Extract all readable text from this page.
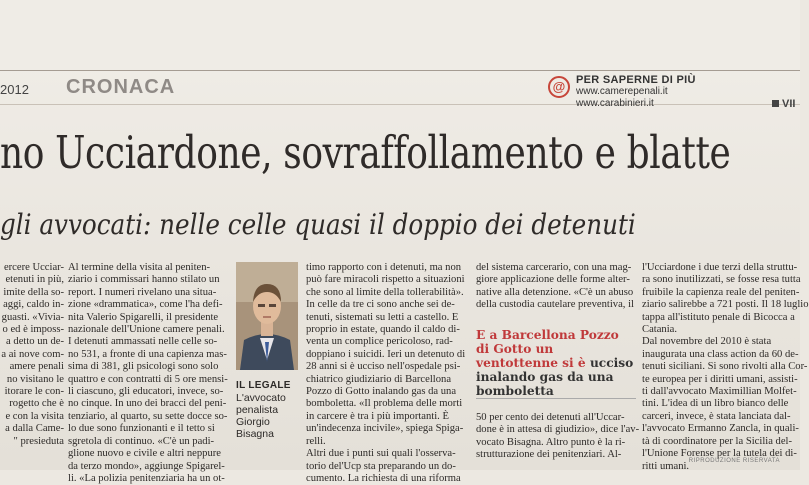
2012 CRONACA	@ PER SAPERNE DI PIÙ
www.camerepenali.it
www.carabinieri.it	VII
no Ucciardone, sovraffollamento e blatte
gli avvocati: nelle celle quasi il doppio dei detenuti
ercere Ucciar-
etenuti in più,
imite della so-
aggi, caldo in-
guasti. «Vivia-
o ed è imposs-
a detto un de-
a ai nove com-
amere penali
no visitano le
itorare le con-
rogetto che è
e con la visita
a dalla Came-
" presieduta
Al termine della visita al peniten-
ziario i commissari hanno stilato un
report. I numeri rivelano una situa-
zione «drammatica», come l'ha defi-
nita Valerio Spigarelli, il presidente
nazionale dell'Unione camere penali.
I detenuti ammassati nelle celle so-
no 531, a fronte di una capienza mas-
sima di 381, gli psicologi sono solo
quattro e con contratti di 5 ore mensi-
li ciascuno, gli educatori, invece, so-
no cinque. In uno dei bracci del peni-
tenziario, al quarto, su sette docce so-
lo due sono funzionanti e il tetto si
sgretola di continuo. «C'è un padi-
glione nuovo e civile e altri neppure
da terzo mondo», aggiunge Spigarel-
li. «La polizia penitenziaria ha un ot-
IL LEGALE
L'avvocato
penalista
Giorgio
Bisagna
timo rapporto con i detenuti, ma non
può fare miracoli rispetto a situazioni
che sono al limite della tollerabilità».
In celle da tre ci sono anche sei de-
tenuti, sistemati su letti a castello. E
proprio in estate, quando il caldo di-
venta un complice pericoloso, rad-
doppiano i suicidi. Ieri un detenuto di
28 anni si è ucciso nell'ospedale psi-
chiatrico giudiziario di Barcellona
Pozzo di Gotto inalando gas da una
bomboletta. «Il problema delle morti
in carcere è tra i più importanti. È
un'indecenza incivile», spiega Spiga-
relli.
Altri due i punti sui quali l'osserva-
torio del'Ucp sta preparando un do-
cumento. La richiesta di una riforma
del sistema carcerario, con una mag-
giore applicazione delle forme alter-
native alla detenzione. «C'è un abuso
della custodia cautelare preventiva, il
E a Barcellona Pozzo di Gotto un ventottenne si è ucciso inalando gas da una bomboletta
50 per cento dei detenuti all'Uccar-
done è in attesa di giudizio», dice l'av-
vocato Bisagna. Altro punto è la ri-
strutturazione dei penitenziari. Al-
l'Ucciardone i due terzi della struttu-
ra sono inutilizzati, se fosse resa tutta
fruibile la capienza reale del peniten-
ziario salirebbe a 721 posti. Il 18 luglio
tappa all'istituto penale di Bicocca a
Catania.
Dal novembre del 2010 è stata
inaugurata una class action da 60 de-
tenuti siciliani. Si sono rivolti alla Cor-
te europea per i diritti umani, assisti-
ti dall'avvocato Maximillian Molfet-
tini. L'idea di un libro bianco delle
carceri, invece, è stata lanciata dal-
l'avvocato Ermanno Zancla, in quali-
tà di coordinatore per la Sicilia del-
l'Unione Forense per la tutela dei di-
ritti umani. RIPRODUZIONE RISERVATA
